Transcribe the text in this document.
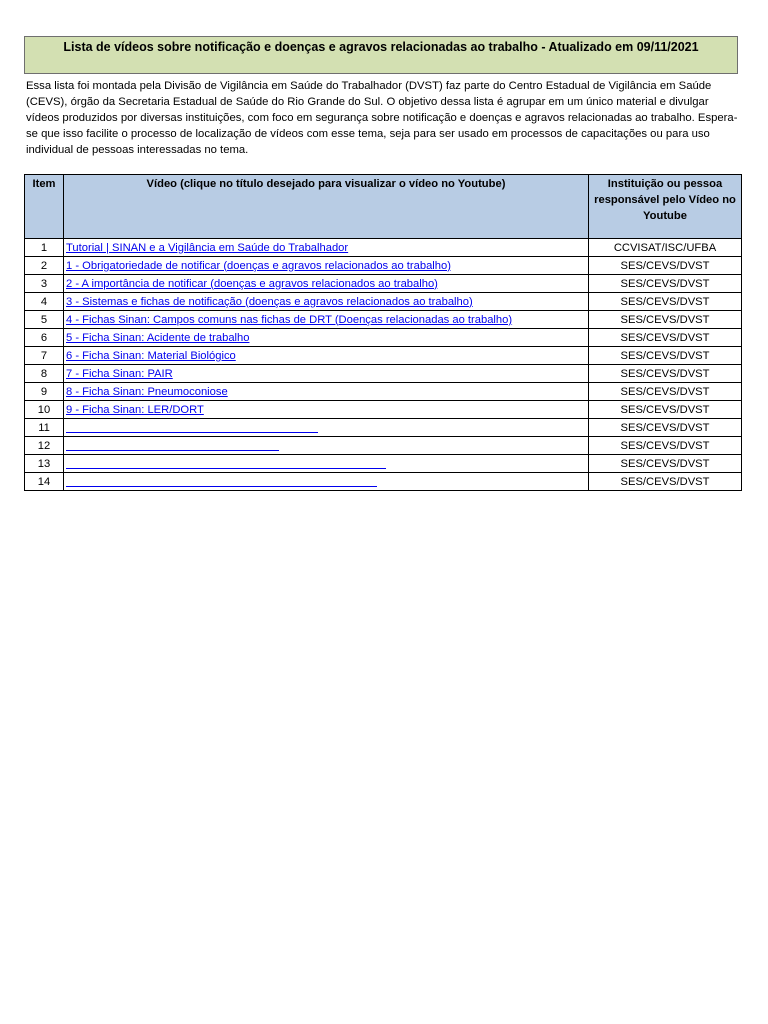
Lista de vídeos sobre notificação e doenças e agravos relacionadas ao trabalho - Atualizado em 09/11/2021

Essa lista foi montada pela Divisão de Vigilância em Saúde do Trabalhador (DVST) faz parte do Centro Estadual de Vigilância em Saúde (CEVS), órgão da Secretaria Estadual de Saúde do Rio Grande do Sul. O objetivo dessa lista é agrupar em um único material e divulgar vídeos produzidos por diversas instituições, com foco em segurança sobre notificação e doenças e agravos relacionadas ao trabalho. Espera-se que isso facilite o processo de localização de vídeos com esse tema, seja para ser usado em processos de capacitações ou para uso individual de pessoas interessadas no tema.

Item	Vídeo (clique no título desejado para visualizar o vídeo no Youtube)	Instituição ou pessoa responsável pelo Vídeo no Youtube
1	Tutorial | SINAN e a Vigilância em Saúde do Trabalhador	CCVISAT/ISC/UFBA
2	1 - Obrigatoriedade de notificar (doenças e agravos relacionados ao trabalho)	SES/CEVS/DVST
3	2 - A importância de notificar (doenças e agravos relacionados ao trabalho)	SES/CEVS/DVST
4	3 - Sistemas e fichas de notificação (doenças e agravos relacionados ao trabalho)	SES/CEVS/DVST
5	4 - Fichas Sinan: Campos comuns nas fichas de DRT (Doenças relacionadas ao trabalho)	SES/CEVS/DVST
6	5 - Ficha Sinan: Acidente de trabalho	SES/CEVS/DVST
7	6 - Ficha Sinan: Material Biológico	SES/CEVS/DVST
8	7 - Ficha Sinan: PAIR	SES/CEVS/DVST
9	8 - Ficha Sinan: Pneumoconiose	SES/CEVS/DVST
10	9 - Ficha Sinan: LER/DORT	SES/CEVS/DVST
11		SES/CEVS/DVST
12		SES/CEVS/DVST
13		SES/CEVS/DVST
14		SES/CEVS/DVST
